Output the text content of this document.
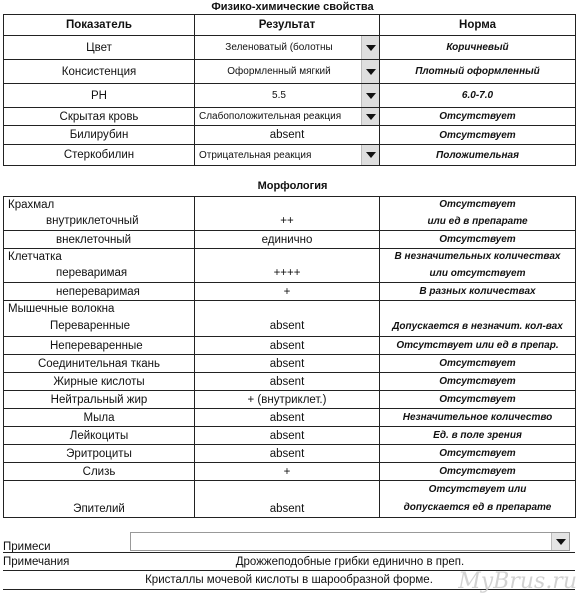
Физико-химические свойства
Показатель	Результат	Норма
Цвет	Зеленоватый (болотны	Коричневый
Консистенция	Оформленный мягкий	Плотный оформленный
PH	5.5	6.0-7.0
Скрытая кровь	Слабоположительная реакция	Отсутствует
Билирубин	absent	Отсутствует
Стеркобилин	Отрицательная реакция	Положительная
Морфология
Крахмал		Отсутствует
внутриклеточный	++	или ед в препарате
внеклеточный	единично	Отсутствует
Клетчатка		В незначительных количествах
переваримая	++++	или отсутствует
непереваримая	+	В разных количествах
Мышечные волокна		
Переваренные	absent	Допускается в незначит. кол-вах
Непереваренные	absent	Отсутствует или ед в препар.
Соединительная ткань	absent	Отсутствует
Жирные кислоты	absent	Отсутствует
Нейтральный жир	+ (внутриклет.)	Отсутствует
Мыла	absent	Незначительное количество
Лейкоциты	absent	Ед. в поле зрения
Эритроциты	absent	Отсутствует
Слизь	+	Отсутствует
Эпителий	absent	Отсутствует или
допускается ед в препарате
Примеси
Примечания	Дрожжеподобные грибки единично в преп.
Кристаллы мочевой кислоты в шарообразной форме.	MyBrus.ru
